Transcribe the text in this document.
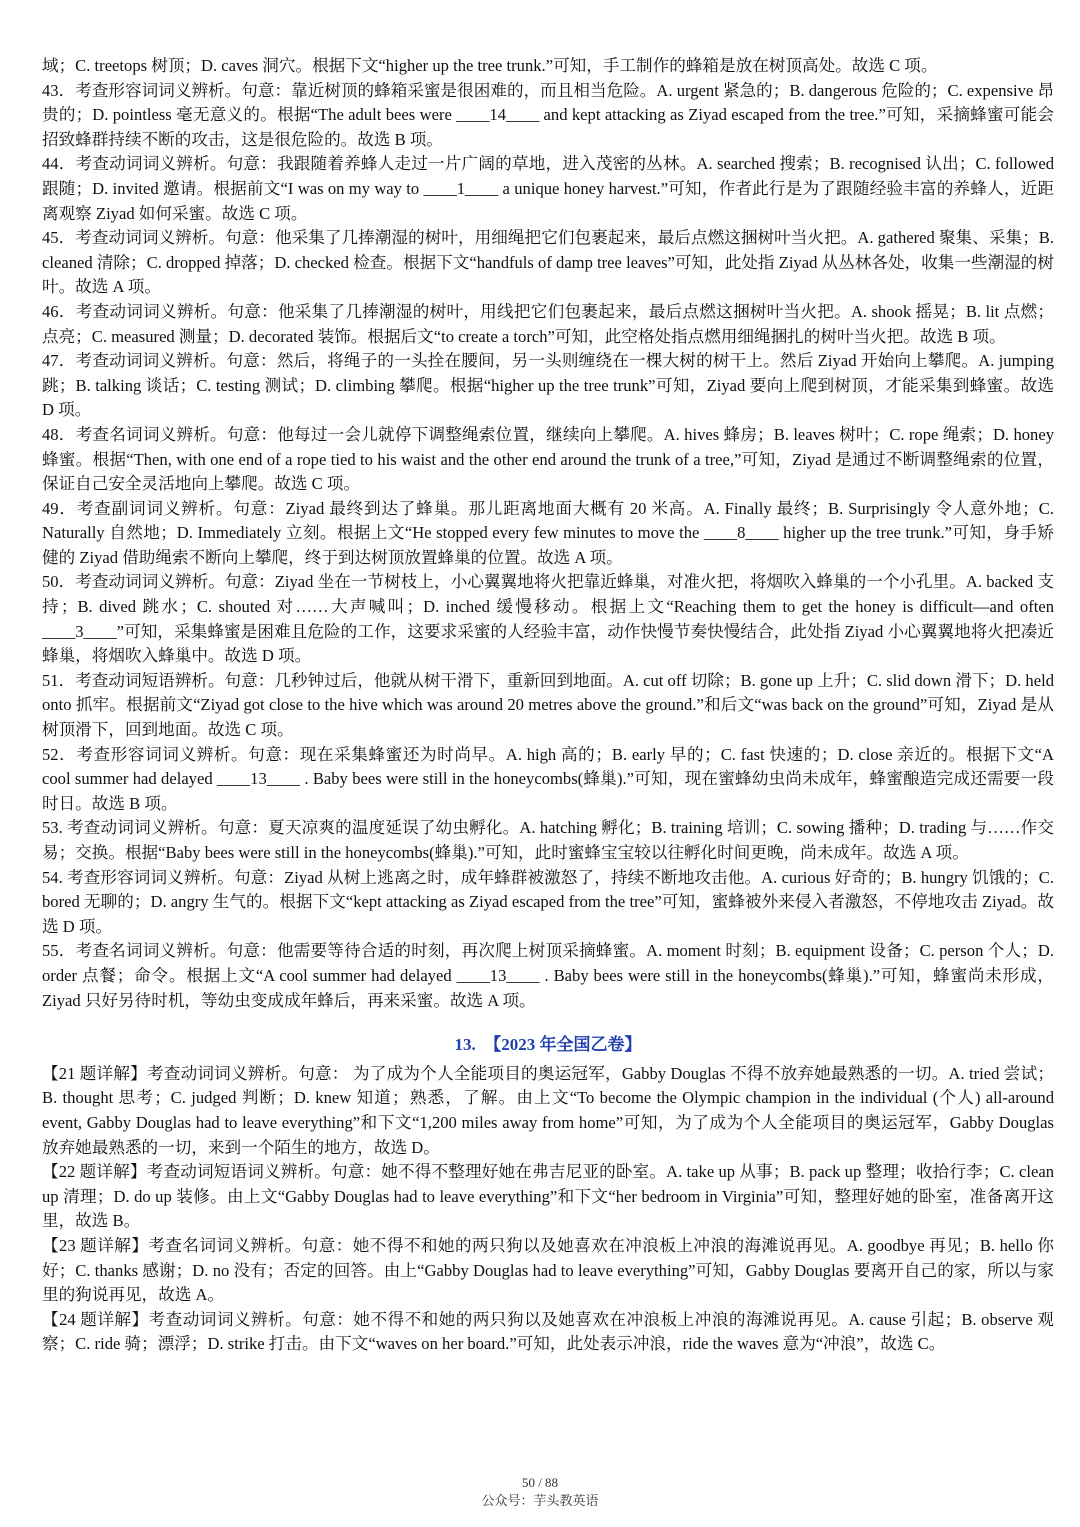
域；C. treetops 树顶；D. caves 洞穴。根据下文“higher up the tree trunk.”可知，手工制作的蜂箱是放在树顶高处。故选 C 项。

43．考查形容词词义辨析。句意：靠近树顶的蜂箱采蜜是很困难的，而且相当危险。A. urgent 紧急的；B. dangerous 危险的；C. expensive 昂贵的；D. pointless 毫无意义的。根据“The adult bees were ____14____ and kept attacking as Ziyad escaped from the tree.”可知，采摘蜂蜜可能会招致蜂群持续不断的攻击，这是很危险的。故选 B 项。

44．考查动词词义辨析。句意：我跟随着养蜂人走过一片广阔的草地，进入茂密的丛林。A. searched 搜索；B. recognised 认出；C. followed 跟随；D. invited 邀请。根据前文“I was on my way to ____1____ a unique honey harvest.”可知，作者此行是为了跟随经验丰富的养蜂人，近距离观察 Ziyad 如何采蜜。故选 C 项。

45．考查动词词义辨析。句意：他采集了几捧潮湿的树叶，用细绳把它们包裹起来，最后点燃这捆树叶当火把。A. gathered 聚集、采集；B. cleaned 清除；C. dropped 掉落；D. checked 检查。根据下文“handfuls of damp tree leaves”可知，此处指 Ziyad 从丛林各处，收集一些潮湿的树叶。故选 A 项。

46．考查动词词义辨析。句意：他采集了几捧潮湿的树叶，用线把它们包裹起来，最后点燃这捆树叶当火把。A. shook 摇晃；B. lit 点燃；点亮；C. measured 测量；D. decorated 装饰。根据后文“to create a torch”可知，此空格处指点燃用细绳捆扎的树叶当火把。故选 B 项。

47．考查动词词义辨析。句意：然后，将绳子的一头拴在腰间，另一头则缠绕在一棵大树的树干上。然后 Ziyad 开始向上攀爬。A. jumping 跳；B. talking 谈话；C. testing 测试；D. climbing 攀爬。根据“higher up the tree trunk”可知，Ziyad 要向上爬到树顶，才能采集到蜂蜜。故选 D 项。

48．考查名词词义辨析。句意：他每过一会儿就停下调整绳索位置，继续向上攀爬。A. hives 蜂房；B. leaves 树叶；C. rope 绳索；D. honey 蜂蜜。根据“Then, with one end of a rope tied to his waist and the other end around the trunk of a tree,”可知，Ziyad 是通过不断调整绳索的位置，保证自己安全灵活地向上攀爬。故选 C 项。

49．考查副词词义辨析。句意：Ziyad 最终到达了蜂巢。那儿距离地面大概有 20 米高。A. Finally 最终；B. Surprisingly 令人意外地；C. Naturally 自然地；D. Immediately 立刻。根据上文“He stopped every few minutes to move the ____8____ higher up the tree trunk.”可知，身手矫健的 Ziyad 借助绳索不断向上攀爬，终于到达树顶放置蜂巢的位置。故选 A 项。

50．考查动词词义辨析。句意：Ziyad 坐在一节树枝上，小心翼翼地将火把靠近蜂巢，对准火把，将烟吹入蜂巢的一个小孔里。A. backed 支持；B. dived 跳水；C. shouted 对……大声喊叫；D. inched 缓慢移动。根据上文“Reaching them to get the honey is difficult—and often ____3____”可知，采集蜂蜜是困难且危险的工作，这要求采蜜的人经验丰富，动作快慢节奏快慢结合，此处指 Ziyad 小心翼翼地将火把凑近蜂巢，将烟吹入蜂巢中。故选 D 项。

51．考查动词短语辨析。句意：几秒钟过后，他就从树干滑下，重新回到地面。A. cut off 切除；B. gone up 上升；C. slid down 滑下；D. held onto 抓牢。根据前文“Ziyad got close to the hive which was around 20 metres above the ground.”和后文“was back on the ground”可知，Ziyad 是从树顶滑下，回到地面。故选 C 项。

52．考查形容词词义辨析。句意：现在采集蜂蜜还为时尚早。A. high 高的；B. early 早的；C. fast 快速的；D. close 亲近的。根据下文“A cool summer had delayed ____13____ . Baby bees were still in the honeycombs(蜂巢).”可知，现在蜜蜂幼虫尚未成年，蜂蜜酿造完成还需要一段时日。故选 B 项。

53. 考查动词词义辨析。句意：夏天凉爽的温度延误了幼虫孵化。A. hatching 孵化；B. training 培训；C. sowing 播种；D. trading 与……作交易；交换。根据“Baby bees were still in the honeycombs(蜂巢).”可知，此时蜜蜂宝宝较以往孵化时间更晚，尚未成年。故选 A 项。

54. 考查形容词词义辨析。句意：Ziyad 从树上逃离之时，成年蜂群被激怒了，持续不断地攻击他。A. curious 好奇的；B. hungry 饥饿的；C. bored 无聊的；D. angry 生气的。根据下文“kept attacking as Ziyad escaped from the tree”可知，蜜蜂被外来侵入者激怒，不停地攻击 Ziyad。故选 D 项。

55．考查名词词义辨析。句意：他需要等待合适的时刻，再次爬上树顶采摘蜂蜜。A. moment 时刻；B. equipment 设备；C. person 个人；D. order 点餐；命令。根据上文“A cool summer had delayed ____13____ . Baby bees were still in the honeycombs(蜂巢).”可知，蜂蜜尚未形成，Ziyad 只好另待时机，等幼虫变成成年蜂后，再来采蜜。故选 A 项。

13.　【2023 年全国乙卷】

【21 题详解】考查动词词义辨析。句意： 为了成为个人全能项目的奥运冠军，Gabby Douglas 不得不放弃她最熟悉的一切。A. tried 尝试；B. thought 思考；C. judged 判断；D. knew 知道；熟悉，了解。由上文“To become the Olympic champion in the individual (个人) all-around event, Gabby Douglas had to leave everything”和下文“1,200 miles away from home”可知，为了成为个人全能项目的奥运冠军，Gabby Douglas 放弃她最熟悉的一切，来到一个陌生的地方，故选 D。

【22 题详解】考查动词短语词义辨析。句意：她不得不整理好她在弗吉尼亚的卧室。A. take up 从事；B. pack up 整理；收拾行李；C. clean up 清理；D. do up 装修。由上文“Gabby Douglas had to leave everything”和下文“her bedroom in Virginia”可知，整理好她的卧室，准备离开这里，故选 B。

【23 题详解】考查名词词义辨析。句意：她不得不和她的两只狗以及她喜欢在冲浪板上冲浪的海滩说再见。A. goodbye 再见；B. hello 你好；C. thanks 感谢；D. no 没有；否定的回答。由上“Gabby Douglas had to leave everything”可知，Gabby Douglas 要离开自己的家，所以与家里的狗说再见，故选 A。

【24 题详解】考查动词词义辨析。句意：她不得不和她的两只狗以及她喜欢在冲浪板上冲浪的海滩说再见。A. cause 引起；B. observe 观察；C. ride 骑；漂浮；D. strike 打击。由下文“waves on her board.”可知，此处表示冲浪，ride the waves 意为“冲浪”，故选 C。

50 / 88
公众号：芋头教英语
